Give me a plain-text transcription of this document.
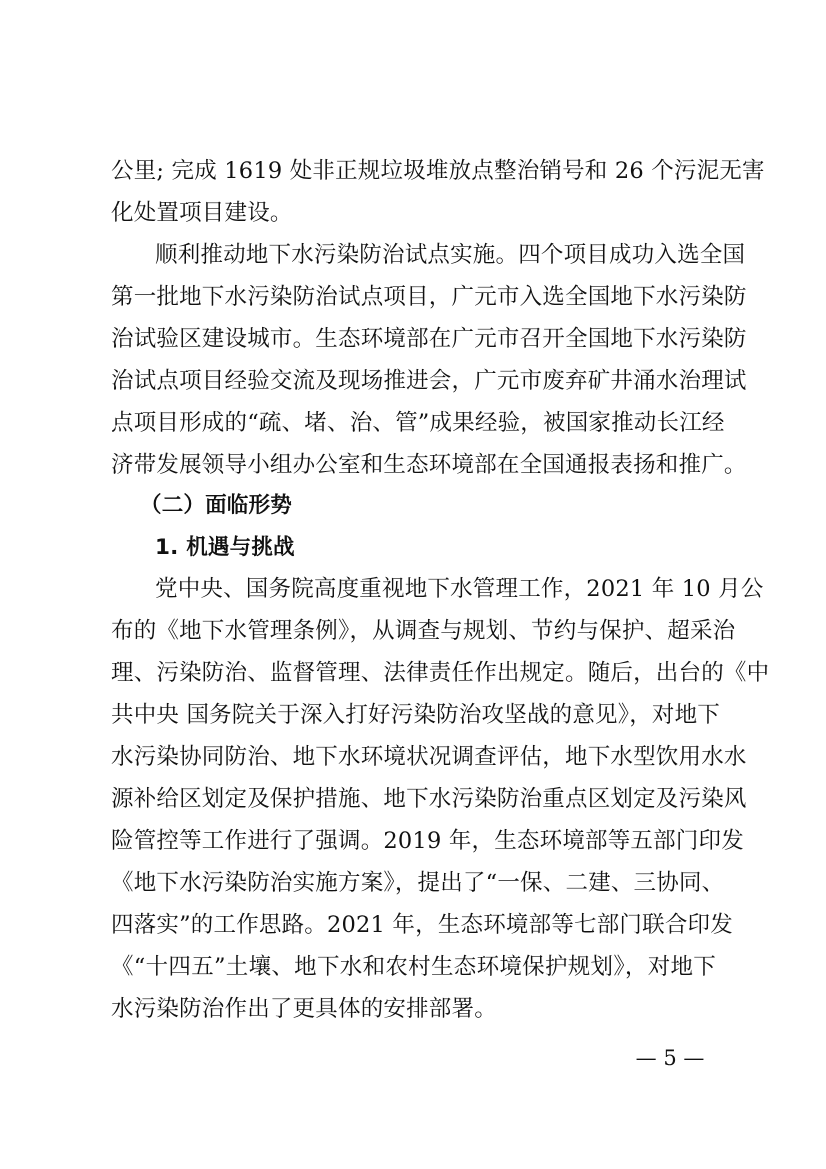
公里; 完成 1619 处非正规垃圾堆放点整治销号和 26 个污泥无害
化处置项目建设。
顺利推动地下水污染防治试点实施。四个项目成功入选全国
第一批地下水污染防治试点项目，广元市入选全国地下水污染防
治试验区建设城市。生态环境部在广元市召开全国地下水污染防
治试点项目经验交流及现场推进会，广元市废弃矿井涌水治理试
点项目形成的“疏、堵、治、管”成果经验，被国家推动长江经
济带发展领导小组办公室和生态环境部在全国通报表扬和推广。
（二）面临形势
1. 机遇与挑战
党中央、国务院高度重视地下水管理工作，2021 年 10 月公
布的《地下水管理条例》，从调查与规划、节约与保护、超采治
理、污染防治、监督管理、法律责任作出规定。随后，出台的《中
共中央 国务院关于深入打好污染防治攻坚战的意见》，对地下
水污染协同防治、地下水环境状况调查评估，地下水型饮用水水
源补给区划定及保护措施、地下水污染防治重点区划定及污染风
险管控等工作进行了强调。2019 年，生态环境部等五部门印发
《地下水污染防治实施方案》，提出了“一保、二建、三协同、
四落实”的工作思路。2021 年，生态环境部等七部门联合印发
《“十四五”土壤、地下水和农村生态环境保护规划》，对地下
水污染防治作出了更具体的安排部署。
— 5 —
